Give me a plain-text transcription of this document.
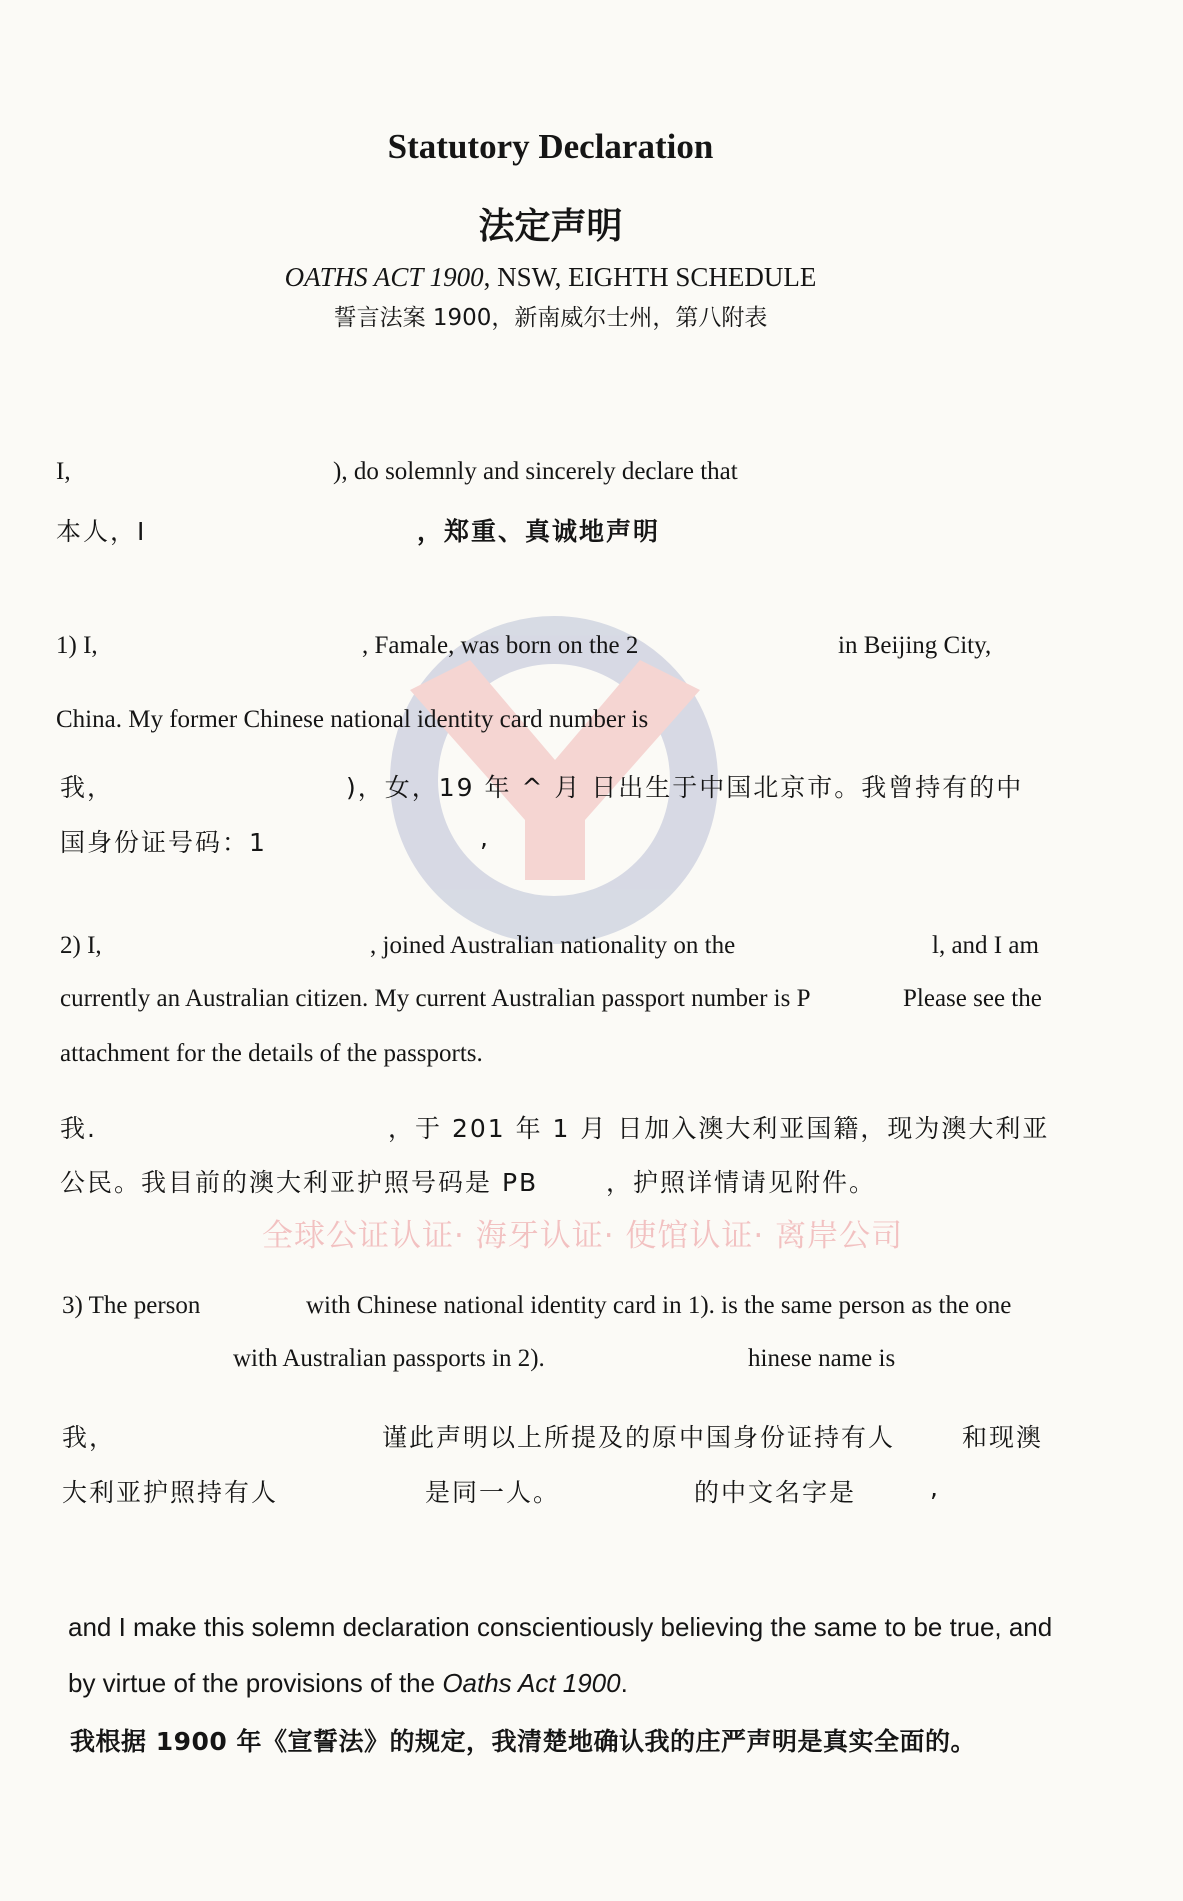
全球公证认证· 海牙认证· 使馆认证· 离岸公司
Statutory Declaration
法定声明
OATHS ACT 1900, NSW, EIGHTH SCHEDULE
誓言法案 1900，新南威尔士州，第八附表
I,	), do solemnly and sincerely declare that
本人，I	，郑重、真诚地声明
1) I,	, Famale, was born on the 2	in Beijing City,
China. My former Chinese national identity card number is
我，	)，女，19 年 ^ 月 日出生于中国北京市。我曾持有的中
国身份证号码：1	,
2) I,	, joined Australian nationality on the	l, and I am
currently an Australian citizen. My current Australian passport number is P	Please see the
attachment for the details of the passports.
我.	，于 201 年 1 月 日加入澳大利亚国籍，现为澳大利亚
公民。我目前的澳大利亚护照号码是 PB	，护照详情请见附件。
3) The person	with Chinese national identity card in 1). is the same person as the one
with Australian passports in 2).	hinese name is
我，	谨此声明以上所提及的原中国身份证持有人	和现澳
大利亚护照持有人	是同一人。	的中文名字是	,
and I make this solemn declaration conscientiously believing the same to be true, and
by virtue of the provisions of the Oaths Act 1900.
我根据 1900 年《宣誓法》的规定，我清楚地确认我的庄严声明是真实全面的。
